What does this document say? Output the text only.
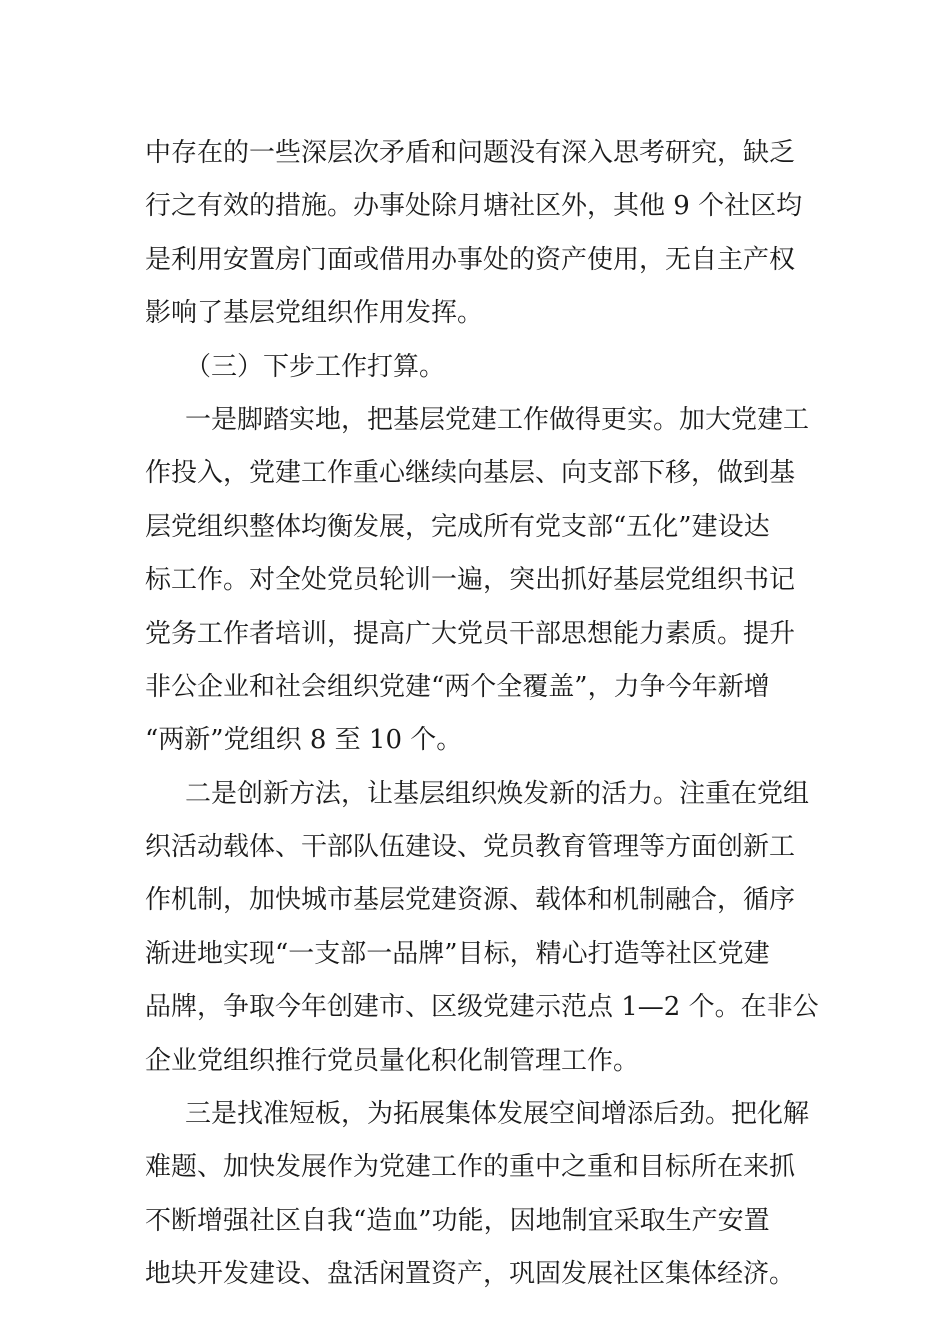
中存在的一些深层次矛盾和问题没有深入思考研究，缺乏
行之有效的措施。办事处除月塘社区外，其他 9 个社区均
是利用安置房门面或借用办事处的资产使用，无自主产权
影响了基层党组织作用发挥。
（三）下步工作打算。
一是脚踏实地，把基层党建工作做得更实。加大党建工
作投入，党建工作重心继续向基层、向支部下移，做到基
层党组织整体均衡发展，完成所有党支部“五化”建设达
标工作。对全处党员轮训一遍，突出抓好基层党组织书记
党务工作者培训，提高广大党员干部思想能力素质。提升
非公企业和社会组织党建“两个全覆盖”，力争今年新增
“两新”党组织 8 至 10 个。
二是创新方法，让基层组织焕发新的活力。注重在党组
织活动载体、干部队伍建设、党员教育管理等方面创新工
作机制，加快城市基层党建资源、载体和机制融合，循序
渐进地实现“一支部一品牌”目标，精心打造等社区党建
品牌，争取今年创建市、区级党建示范点 1—2 个。在非公
企业党组织推行党员量化积化制管理工作。
三是找准短板，为拓展集体发展空间增添后劲。把化解
难题、加快发展作为党建工作的重中之重和目标所在来抓
不断增强社区自我“造血”功能，因地制宜采取生产安置
地块开发建设、盘活闲置资产，巩固发展社区集体经济。
